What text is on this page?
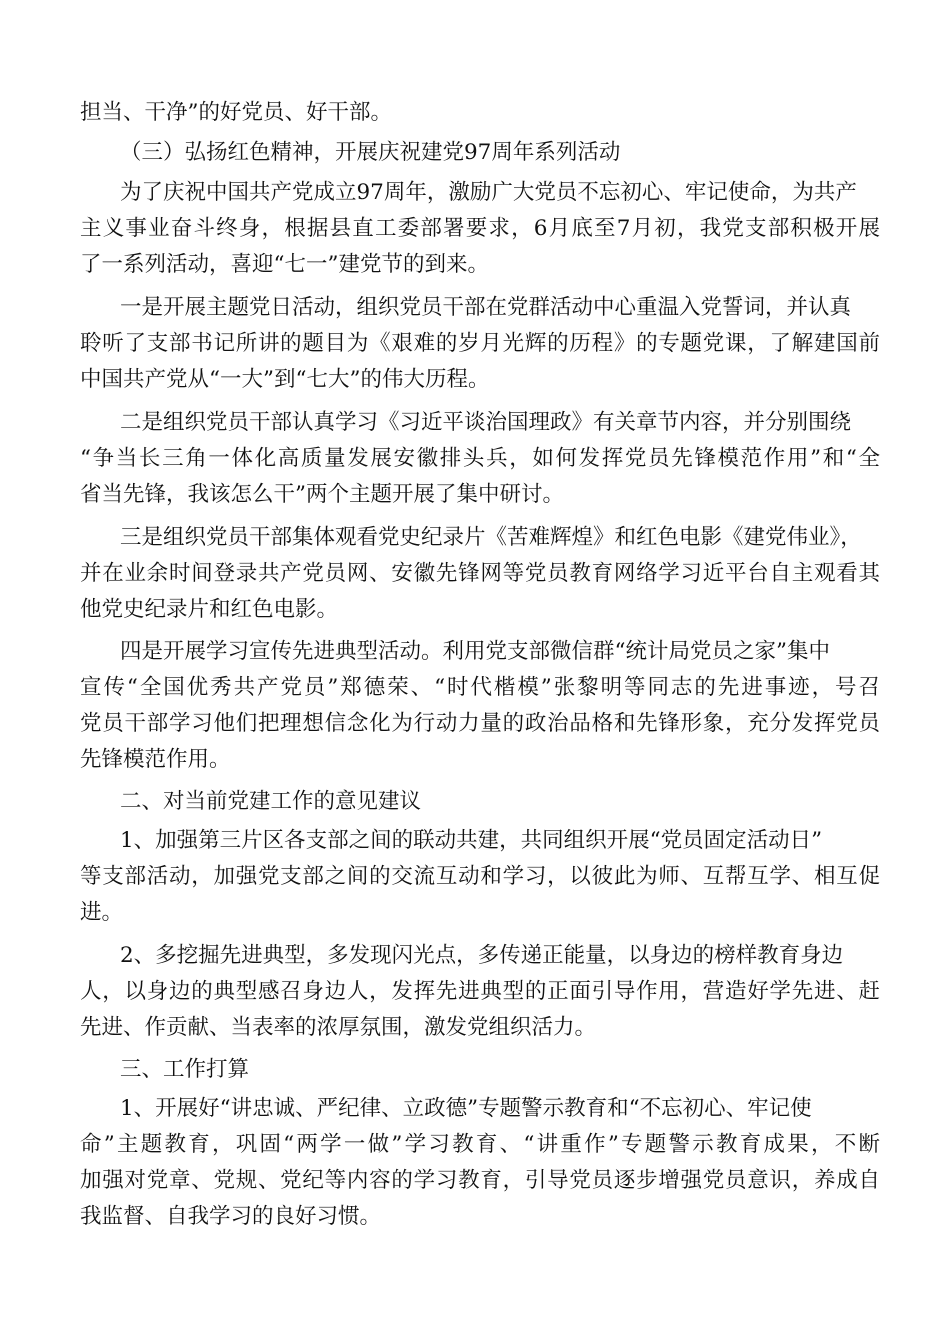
担当、干净”的好党员、好干部。
（三）弘扬红色精神，开展庆祝建党97周年系列活动
为了庆祝中国共产党成立97周年，激励广大党员不忘初心、牢记使命，为共产
主义事业奋斗终身，根据县直工委部署要求，6月底至7月初，我党支部积极开展
了一系列活动，喜迎“七一”建党节的到来。
一是开展主题党日活动，组织党员干部在党群活动中心重温入党誓词，并认真
聆听了支部书记所讲的题目为《艰难的岁月光辉的历程》的专题党课，了解建国前
中国共产党从“一大”到“七大”的伟大历程。
二是组织党员干部认真学习《习近平谈治国理政》有关章节内容，并分别围绕
“争当长三角一体化高质量发展安徽排头兵，如何发挥党员先锋模范作用”和“全
省当先锋，我该怎么干”两个主题开展了集中研讨。
三是组织党员干部集体观看党史纪录片《苦难辉煌》和红色电影《建党伟业》，
并在业余时间登录共产党员网、安徽先锋网等党员教育网络学习近平台自主观看其
他党史纪录片和红色电影。
四是开展学习宣传先进典型活动。利用党支部微信群“统计局党员之家”集中
宣传“全国优秀共产党员”郑德荣、“时代楷模”张黎明等同志的先进事迹，号召
党员干部学习他们把理想信念化为行动力量的政治品格和先锋形象，充分发挥党员
先锋模范作用。
二、对当前党建工作的意见建议
1、加强第三片区各支部之间的联动共建，共同组织开展“党员固定活动日”
等支部活动，加强党支部之间的交流互动和学习，以彼此为师、互帮互学、相互促
进。
2、多挖掘先进典型，多发现闪光点，多传递正能量，以身边的榜样教育身边
人，以身边的典型感召身边人，发挥先进典型的正面引导作用，营造好学先进、赶
先进、作贡献、当表率的浓厚氛围，激发党组织活力。
三、工作打算
1、开展好“讲忠诚、严纪律、立政德”专题警示教育和“不忘初心、牢记使
命”主题教育，巩固“两学一做”学习教育、“讲重作”专题警示教育成果，不断
加强对党章、党规、党纪等内容的学习教育，引导党员逐步增强党员意识，养成自
我监督、自我学习的良好习惯。
